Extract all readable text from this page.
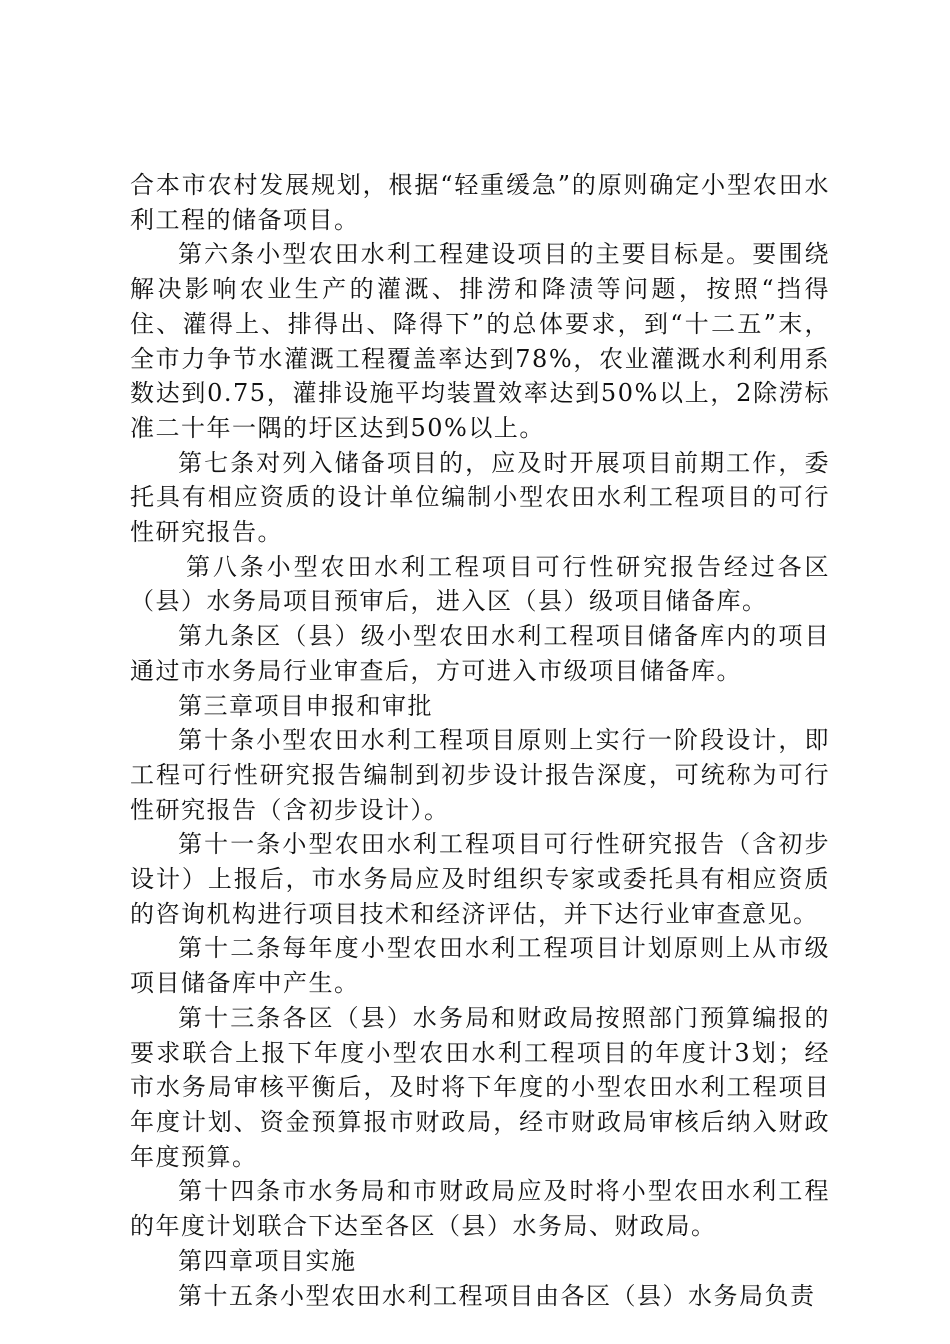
合本市农村发展规划，根据“轻重缓急”的原则确定小型农田水利工程的储备项目。

第六条小型农田水利工程建设项目的主要目标是。要围绕解决影响农业生产的灌溉、排涝和降渍等问题，按照“挡得住、灌得上、排得出、降得下”的总体要求，到“十二五”末，全市力争节水灌溉工程覆盖率达到78%，农业灌溉水利利用系数达到0.75，灌排设施平均装置效率达到50%以上，2除涝标准二十年一隅的圩区达到50%以上。

第七条对列入储备项目的，应及时开展项目前期工作，委托具有相应资质的设计单位编制小型农田水利工程项目的可行性研究报告。

第八条小型农田水利工程项目可行性研究报告经过各区（县）水务局项目预审后，进入区（县）级项目储备库。

第九条区（县）级小型农田水利工程项目储备库内的项目通过市水务局行业审查后，方可进入市级项目储备库。

第三章项目申报和审批

第十条小型农田水利工程项目原则上实行一阶段设计，即工程可行性研究报告编制到初步设计报告深度，可统称为可行性研究报告（含初步设计）。

第十一条小型农田水利工程项目可行性研究报告（含初步设计）上报后，市水务局应及时组织专家或委托具有相应资质的咨询机构进行项目技术和经济评估，并下达行业审查意见。

第十二条每年度小型农田水利工程项目计划原则上从市级项目储备库中产生。

第十三条各区（县）水务局和财政局按照部门预算编报的要求联合上报下年度小型农田水利工程项目的年度计3划；经市水务局审核平衡后，及时将下年度的小型农田水利工程项目年度计划、资金预算报市财政局，经市财政局审核后纳入财政年度预算。

第十四条市水务局和市财政局应及时将小型农田水利工程的年度计划联合下达至各区（县）水务局、财政局。

第四章项目实施

第十五条小型农田水利工程项目由各区（县）水务局负责
